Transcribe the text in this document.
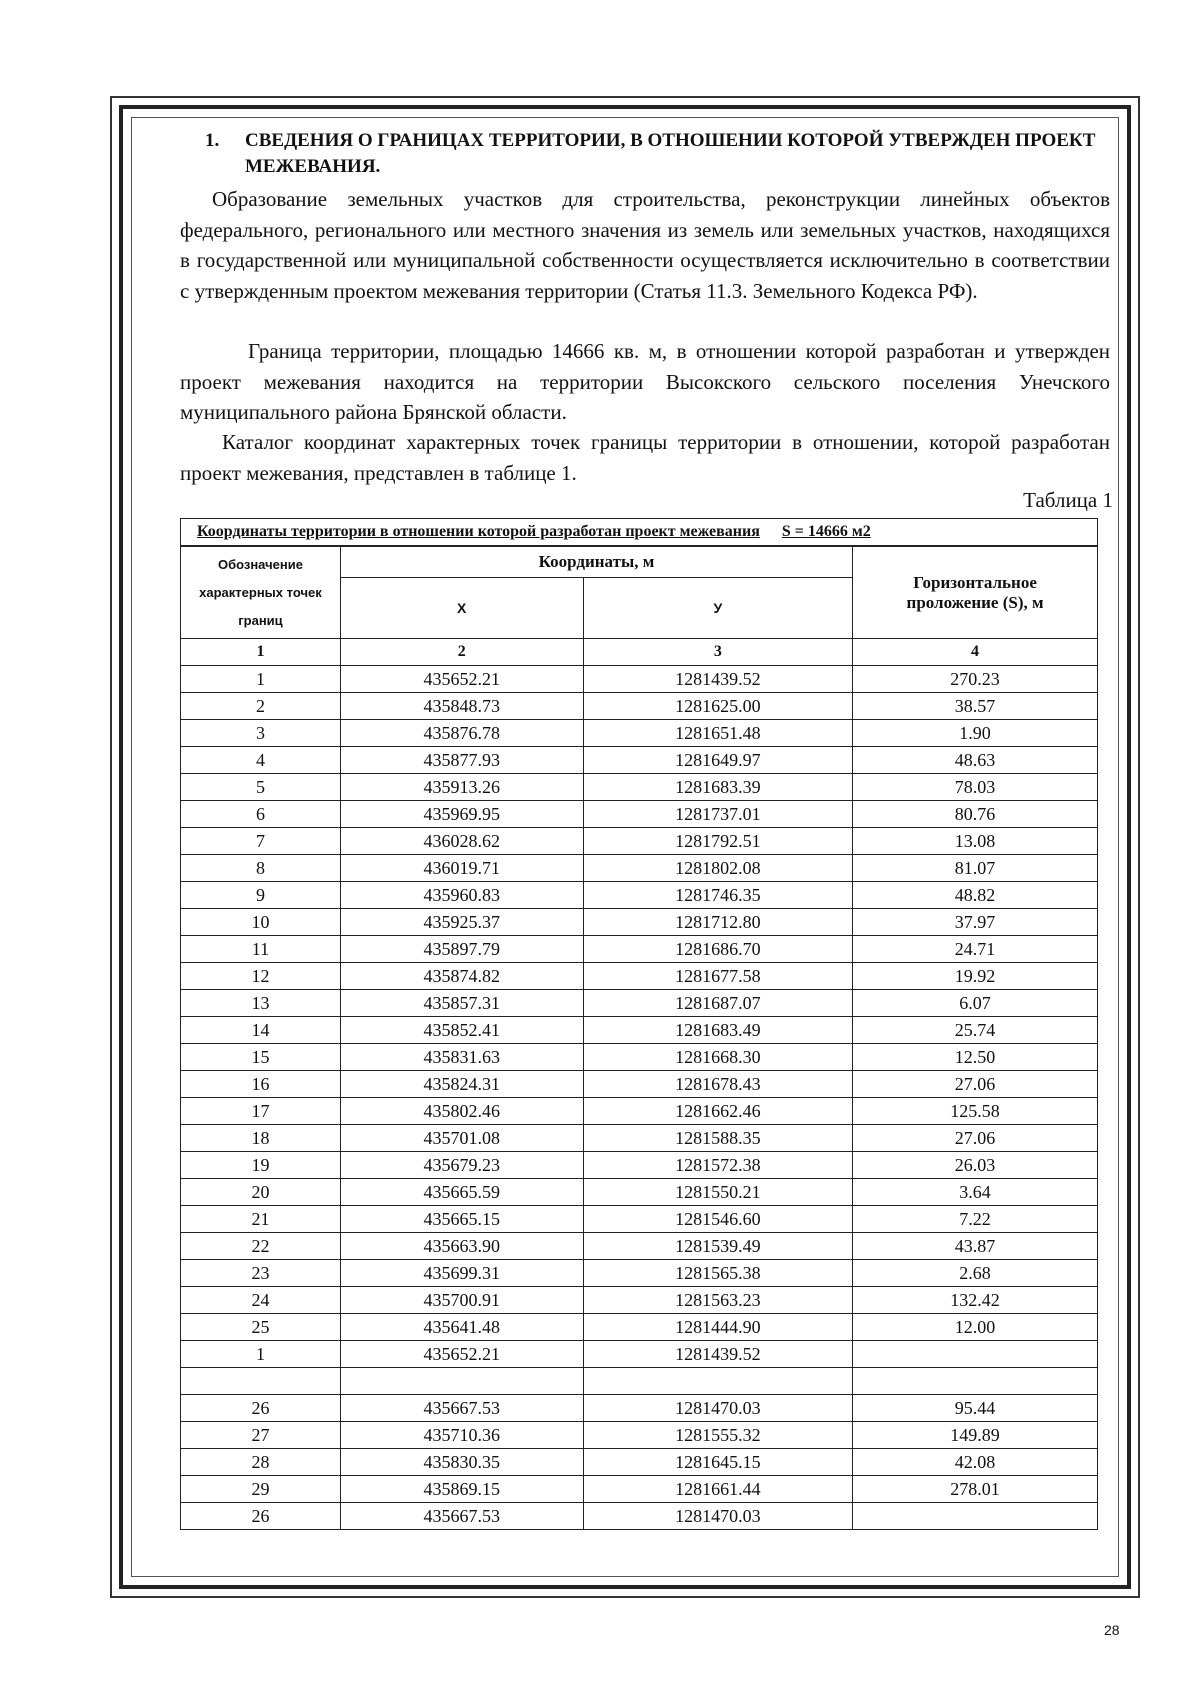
1.	СВЕДЕНИЯ О ГРАНИЦАХ ТЕРРИТОРИИ, В ОТНОШЕНИИ КОТОРОЙ УТВЕРЖДЕН ПРОЕКТ МЕЖЕВАНИЯ.

Образование земельных участков для строительства, реконструкции линейных объектов федерального, регионального или местного значения из земель или земельных участков, находящихся в государственной или муниципальной собственности осуществляется исключительно в соответствии с утвержденным проектом межевания территории (Статья 11.3. Земельного Кодекса РФ).

Граница территории, площадью 14666 кв. м, в отношении которой разработан и утвержден проект межевания находится на территории Высокского сельского поселения Унечского муниципального района Брянской области.

Каталог координат характерных точек границы территории в отношении, которой разработан проект межевания, представлен в таблице 1.

Таблица 1
Координаты территории в отношении которой разработан проект межевания S = 14666 м2			
Обозначение характерных точек границ	Координаты, м		Горизонтальное проложение (S), м
	X	У	
1	2	3	4
1	435652.21	1281439.52	270.23
2	435848.73	1281625.00	38.57
3	435876.78	1281651.48	1.90
4	435877.93	1281649.97	48.63
5	435913.26	1281683.39	78.03
6	435969.95	1281737.01	80.76
7	436028.62	1281792.51	13.08
8	436019.71	1281802.08	81.07
9	435960.83	1281746.35	48.82
10	435925.37	1281712.80	37.97
11	435897.79	1281686.70	24.71
12	435874.82	1281677.58	19.92
13	435857.31	1281687.07	6.07
14	435852.41	1281683.49	25.74
15	435831.63	1281668.30	12.50
16	435824.31	1281678.43	27.06
17	435802.46	1281662.46	125.58
18	435701.08	1281588.35	27.06
19	435679.23	1281572.38	26.03
20	435665.59	1281550.21	3.64
21	435665.15	1281546.60	7.22
22	435663.90	1281539.49	43.87
23	435699.31	1281565.38	2.68
24	435700.91	1281563.23	132.42
25	435641.48	1281444.90	12.00
1	435652.21	1281439.52	

26	435667.53	1281470.03	95.44
27	435710.36	1281555.32	149.89
28	435830.35	1281645.15	42.08
29	435869.15	1281661.44	278.01
26	435667.53	1281470.03	
28
